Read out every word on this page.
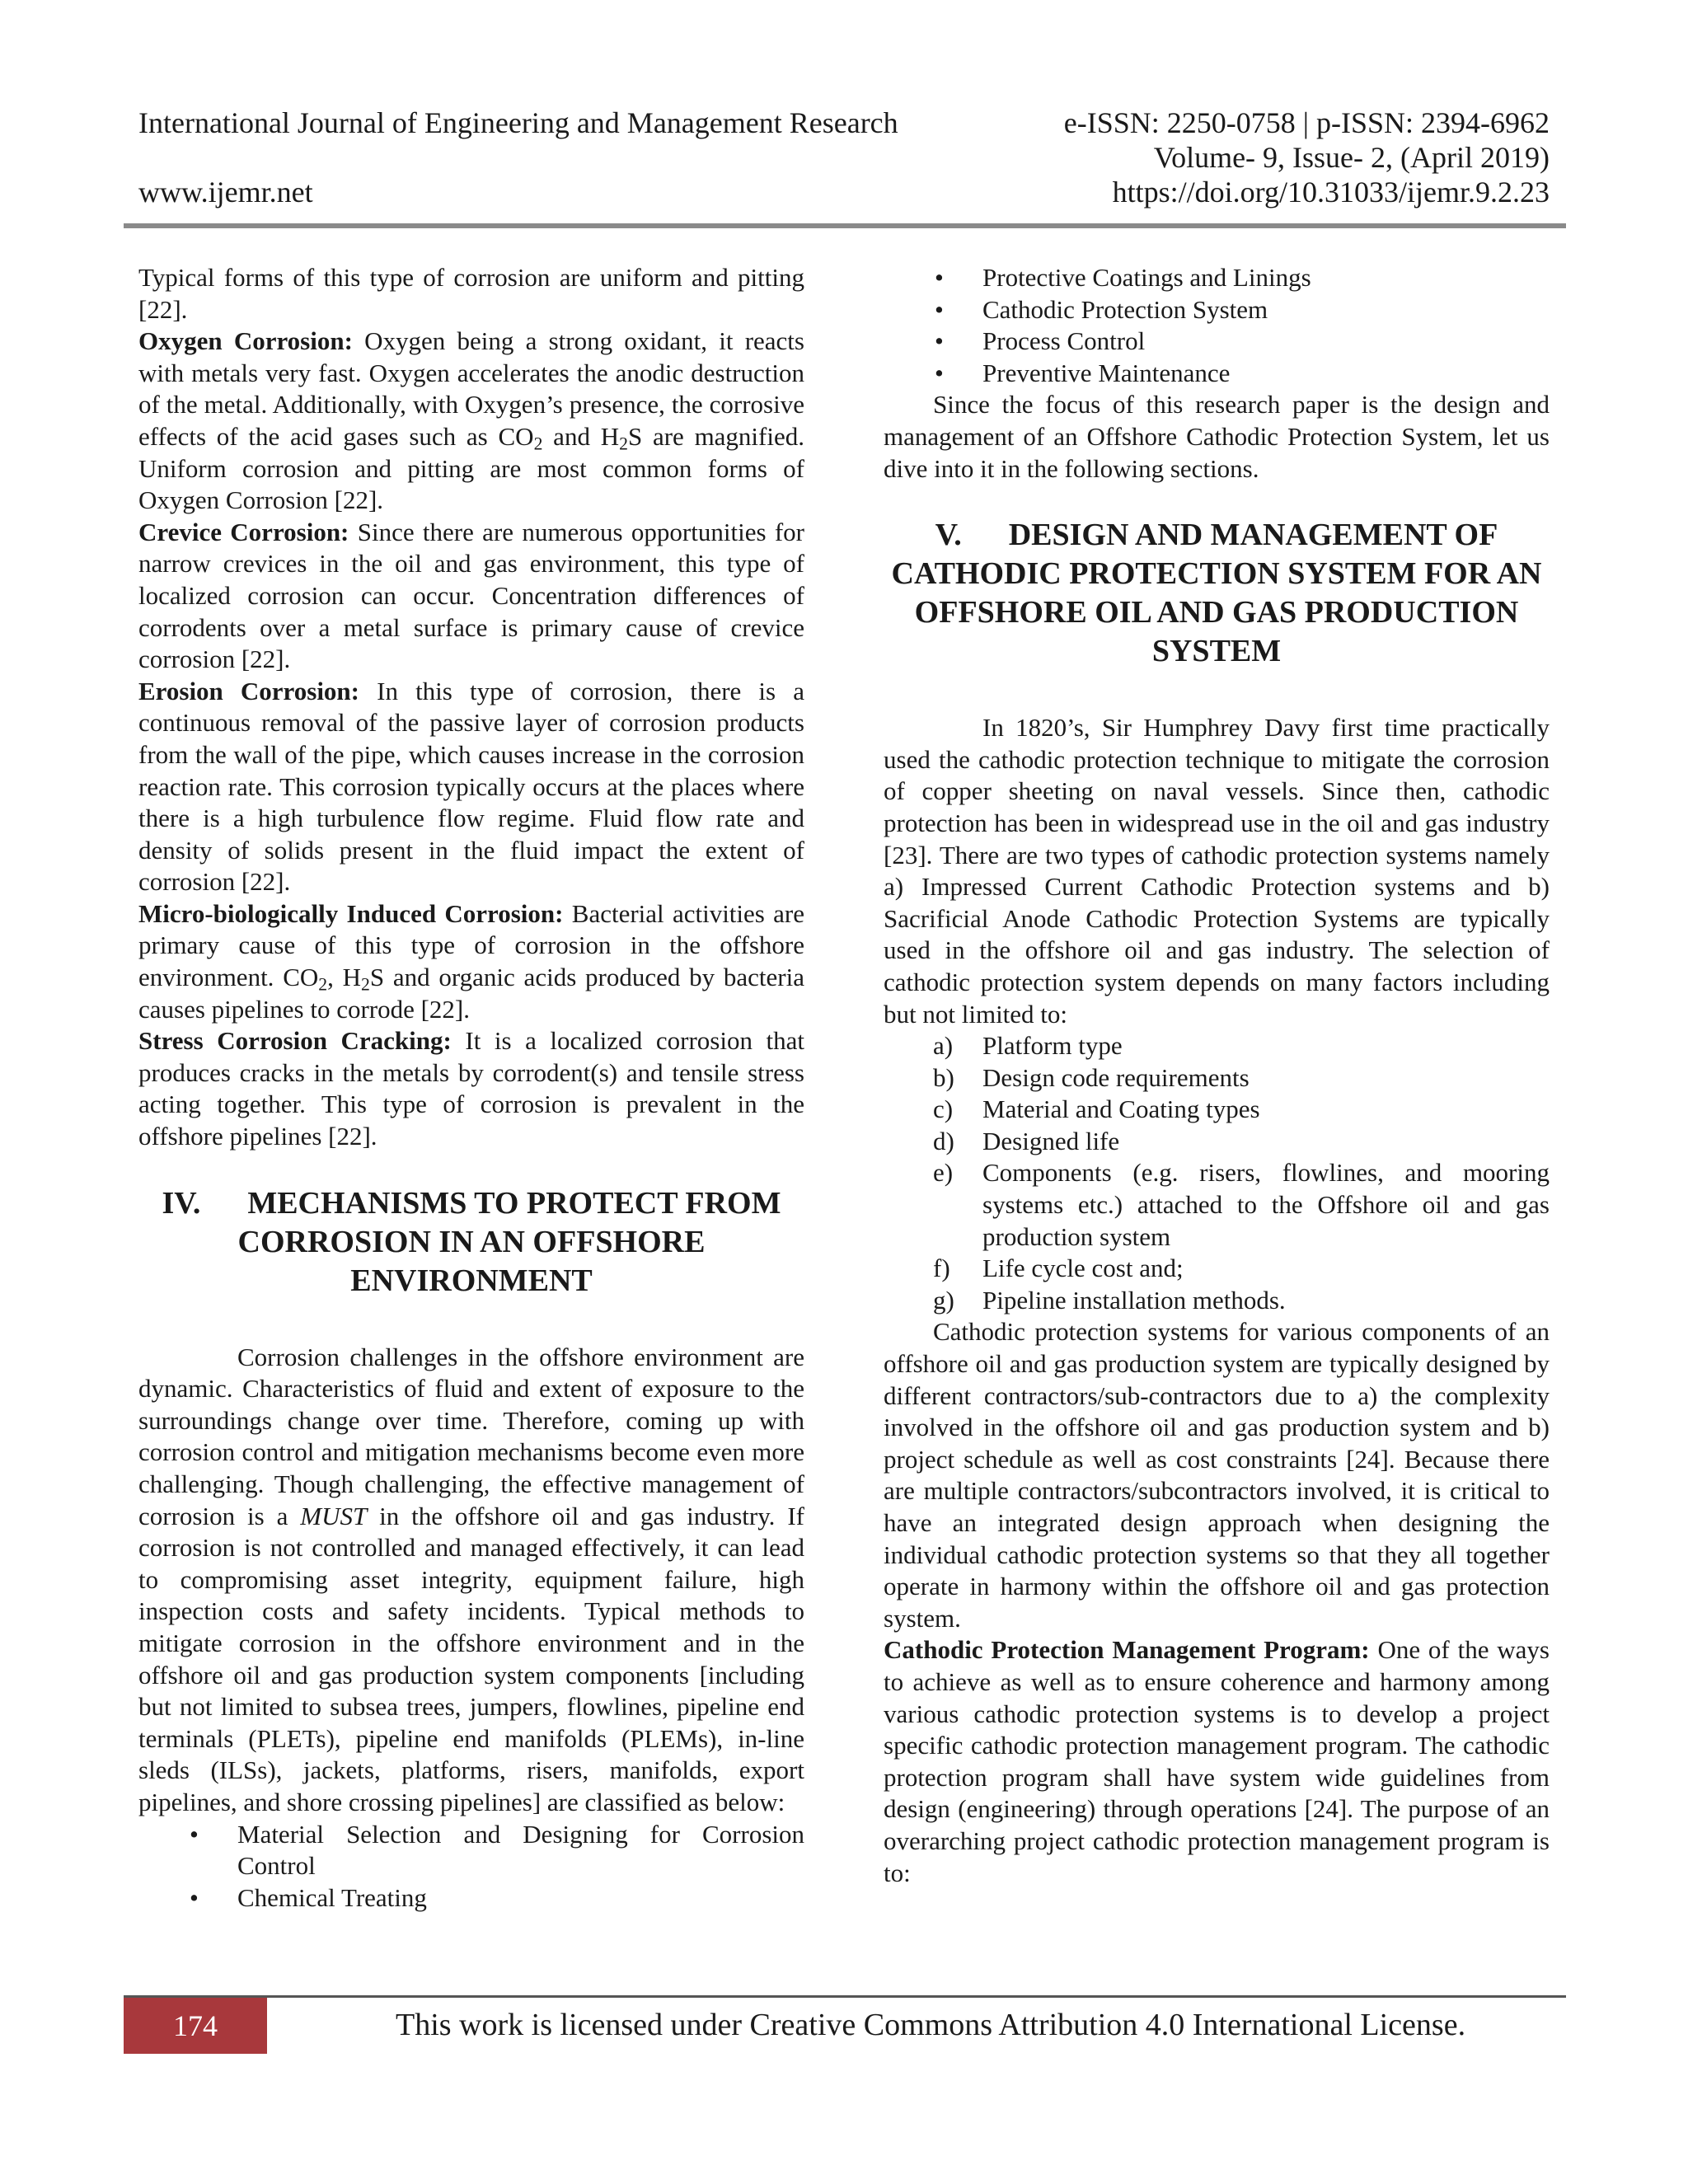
International Journal of Engineering and Management Research	e-ISSN: 2250-0758 | p-ISSN: 2394-6962
Volume- 9, Issue- 2, (April 2019)
www.ijemr.net	https://doi.org/10.31033/ijemr.9.2.23

Typical forms of this type of corrosion are uniform and pitting [22].

Oxygen Corrosion: Oxygen being a strong oxidant, it reacts with metals very fast. Oxygen accelerates the anodic destruction of the metal. Additionally, with Oxygen’s presence, the corrosive effects of the acid gases such as $CO_2$ and $H_2S$ are magnified. Uniform corrosion and pitting are most common forms of Oxygen Corrosion [22].

Crevice Corrosion: Since there are numerous opportunities for narrow crevices in the oil and gas environment, this type of localized corrosion can occur. Concentration differences of corrodents over a metal surface is primary cause of crevice corrosion [22].

Erosion Corrosion: In this type of corrosion, there is a continuous removal of the passive layer of corrosion products from the wall of the pipe, which causes increase in the corrosion reaction rate. This corrosion typically occurs at the places where there is a high turbulence flow regime. Fluid flow rate and density of solids present in the fluid impact the extent of corrosion [22].

Micro-biologically Induced Corrosion: Bacterial activities are primary cause of this type of corrosion in the offshore environment. $CO_2$, $H_2S$ and organic acids produced by bacteria causes pipelines to corrode [22].

Stress Corrosion Cracking: It is a localized corrosion that produces cracks in the metals by corrodent(s) and tensile stress acting together. This type of corrosion is prevalent in the offshore pipelines [22].

IV. MECHANISMS TO PROTECT FROM CORROSION IN AN OFFSHORE ENVIRONMENT

Corrosion challenges in the offshore environment are dynamic. Characteristics of fluid and extent of exposure to the surroundings change over time. Therefore, coming up with corrosion control and mitigation mechanisms become even more challenging. Though challenging, the effective management of corrosion is a MUST in the offshore oil and gas industry. If corrosion is not controlled and managed effectively, it can lead to compromising asset integrity, equipment failure, high inspection costs and safety incidents. Typical methods to mitigate corrosion in the offshore environment and in the offshore oil and gas production system components [including but not limited to subsea trees, jumpers, flowlines, pipeline end terminals (PLETs), pipeline end manifolds (PLEMs), in-line sleds (ILSs), jackets, platforms, risers, manifolds, export pipelines, and shore crossing pipelines] are classified as below:

• Material Selection and Designing for Corrosion Control
• Chemical Treating
• Protective Coatings and Linings
• Cathodic Protection System
• Process Control
• Preventive Maintenance

Since the focus of this research paper is the design and management of an Offshore Cathodic Protection System, let us dive into it in the following sections.

V. DESIGN AND MANAGEMENT OF CATHODIC PROTECTION SYSTEM FOR AN OFFSHORE OIL AND GAS PRODUCTION SYSTEM

In 1820’s, Sir Humphrey Davy first time practically used the cathodic protection technique to mitigate the corrosion of copper sheeting on naval vessels. Since then, cathodic protection has been in widespread use in the oil and gas industry [23]. There are two types of cathodic protection systems namely a) Impressed Current Cathodic Protection systems and b) Sacrificial Anode Cathodic Protection Systems are typically used in the offshore oil and gas industry. The selection of cathodic protection system depends on many factors including but not limited to:

a) Platform type
b) Design code requirements
c) Material and Coating types
d) Designed life
e) Components (e.g. risers, flowlines, and mooring systems etc.) attached to the Offshore oil and gas production system
f) Life cycle cost and;
g) Pipeline installation methods.

Cathodic protection systems for various components of an offshore oil and gas production system are typically designed by different contractors/sub-contractors due to a) the complexity involved in the offshore oil and gas production system and b) project schedule as well as cost constraints [24]. Because there are multiple contractors/subcontractors involved, it is critical to have an integrated design approach when designing the individual cathodic protection systems so that they all together operate in harmony within the offshore oil and gas protection system.

Cathodic Protection Management Program: One of the ways to achieve as well as to ensure coherence and harmony among various cathodic protection systems is to develop a project specific cathodic protection management program. The cathodic protection program shall have system wide guidelines from design (engineering) through operations [24]. The purpose of an overarching project cathodic protection management program is to:

174	This work is licensed under Creative Commons Attribution 4.0 International License.
